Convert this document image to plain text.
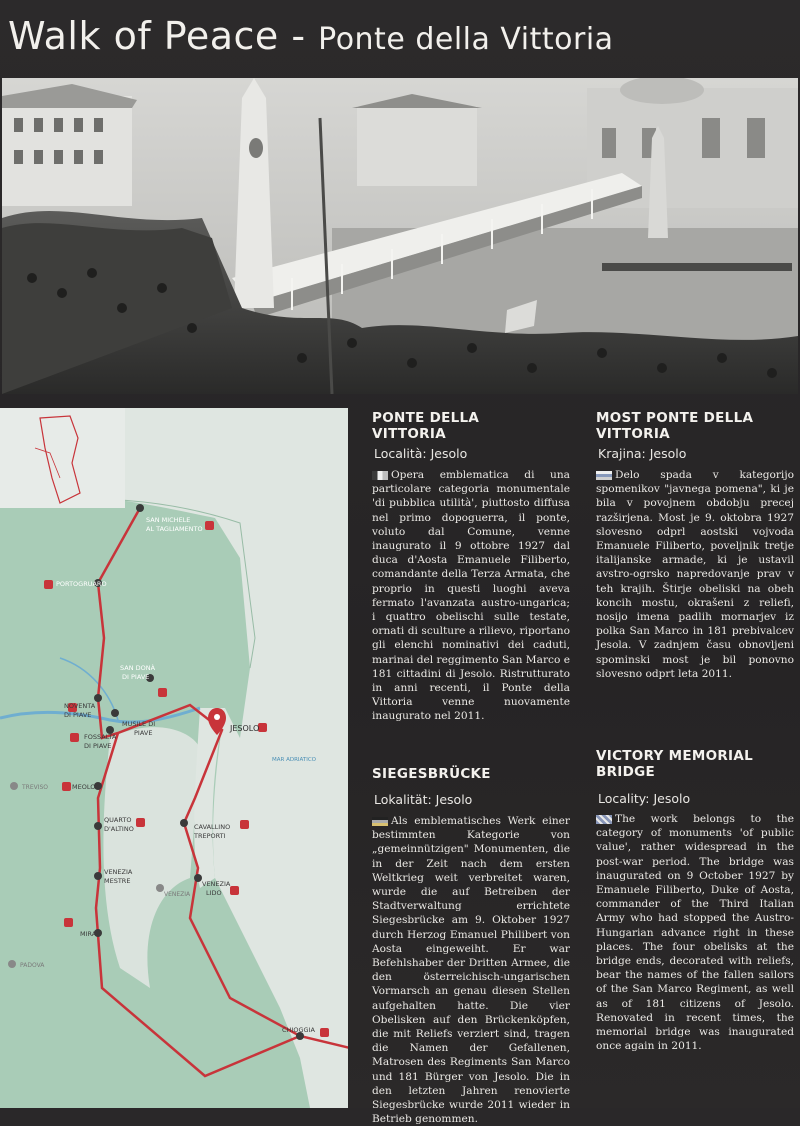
Walk of Peace - Ponte della Vittoria
SAN MICHELE
AL TAGLIAMENTO
PORTOGRUARO
SAN DONÀ
DI PIAVE
NOVENTA
DI PIAVE
MUSILE DI
PIAVE
FOSSALTA
DI PIAVE
JESOLO
TREVISO	MEOLO
QUARTO
D'ALTINO	CAVALLINO
TREPORTI
VENEZIA
MESTRE
VENEZIA
VENEZIA
LIDO
MIRA
PADOVA
CHIOGGIA
MAR ADRIATICO
PONTE DELLA VITTORIA
Località: Jesolo
Opera emblematica di una particolare categoria monumentale 'di pubblica utilità', piuttosto diffusa nel primo dopoguerra, il ponte, voluto dal Comune, venne inaugurato il 9 ottobre 1927 dal duca d'Aosta Emanuele Filiberto, comandante della Terza Armata, che proprio in questi luoghi aveva fermato l'avanzata austro-ungarica; i quattro obelischi sulle testate, ornati di sculture a rilievo, riportano gli elenchi nominativi dei caduti, marinai del reggimento San Marco e 181 cittadini di Jesolo. Ristrutturato in anni recenti, il Ponte della Vittoria venne nuovamente inaugurato nel 2011.
MOST PONTE DELLA VITTORIA
Krajina: Jesolo
Delo spada v kategorijo spomenikov "javnega pomena", ki je bila v povojnem obdobju precej razširjena. Most je 9. oktobra 1927 slovesno odprl aostski vojvoda Emanuele Filiberto, poveljnik tretje italijanske armade, ki je ustavil avstro-ogrsko napredovanje prav v teh krajih. Štirje obeliski na obeh koncih mostu, okrašeni z reliefi, nosijo imena padlih mornarjev iz polka San Marco in 181 prebivalcev Jesola. V zadnjem času obnovljeni spominski most je bil ponovno slovesno odprt leta 2011.
SIEGESBRÜCKE
Lokalität: Jesolo
Als emblematisches Werk einer bestimmten Kategorie von „gemeinnützigen" Monumenten, die in der Zeit nach dem ersten Weltkrieg weit verbreitet waren, wurde die auf Betreiben der Stadtverwaltung errichtete Siegesbrücke am 9. Oktober 1927 durch Herzog Emanuel Philibert von Aosta eingeweiht. Er war Befehlshaber der Dritten Armee, die den österreichisch-ungarischen Vormarsch an genau diesen Stellen aufgehalten hatte. Die vier Obelisken auf den Brückenköpfen, die mit Reliefs verziert sind, tragen die Namen der Gefallenen, Matrosen des Regiments San Marco und 181 Bürger von Jesolo. Die in den letzten Jahren renovierte Siegesbrücke wurde 2011 wieder in Betrieb genommen.
VICTORY MEMORIAL BRIDGE
Locality: Jesolo
The work belongs to the category of monuments 'of public value', rather widespread in the post-war period. The bridge was inaugurated on 9 October 1927 by Emanuele Filiberto, Duke of Aosta, commander of the Third Italian Army who had stopped the Austro-Hungarian advance right in these places. The four obelisks at the bridge ends, decorated with reliefs, bear the names of the fallen sailors of the San Marco Regiment, as well as of 181 citizens of Jesolo. Renovated in recent times, the memorial bridge was inaugurated once again in 2011.
